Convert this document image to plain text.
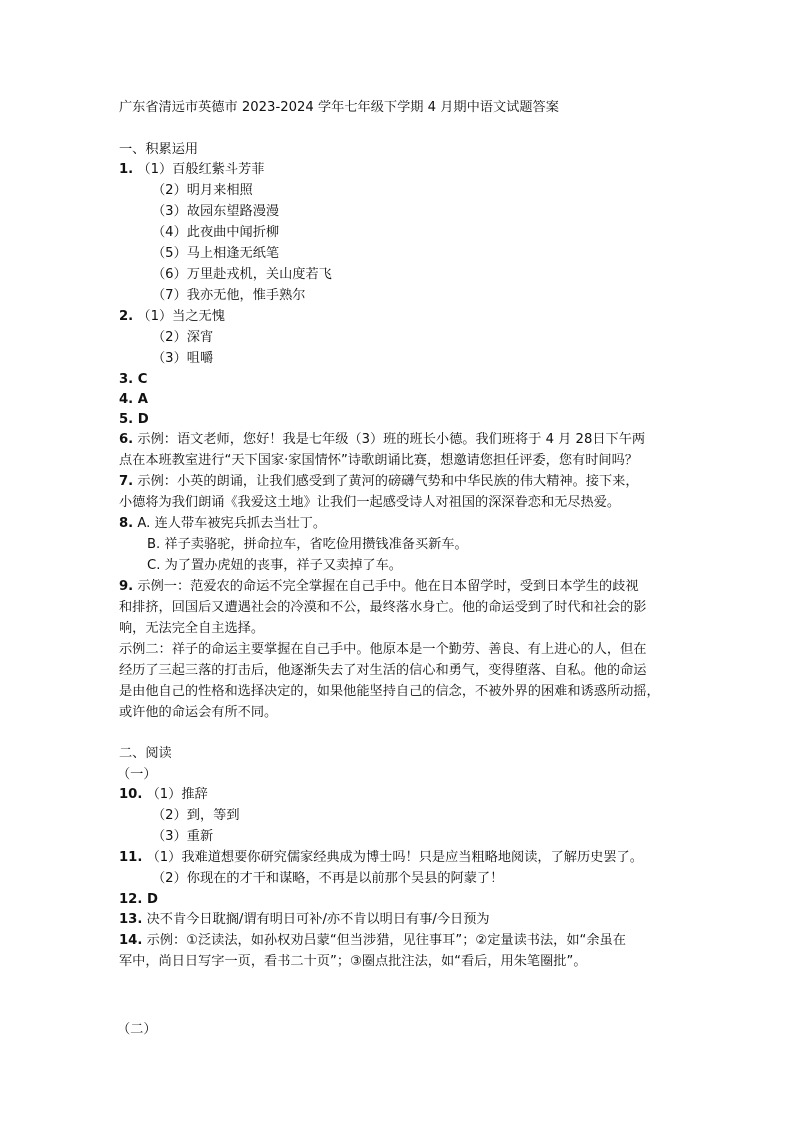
广东省清远市英德市 2023-2024 学年七年级下学期 4 月期中语文试题答案
一、积累运用
1. （1）百般红紫斗芳菲
（2）明月来相照
（3）故园东望路漫漫
（4）此夜曲中闻折柳
（5）马上相逢无纸笔
（6）万里赴戎机，关山度若飞
（7）我亦无他，惟手熟尔
2. （1）当之无愧
（2）深宵
（3）咀嚼
3. C
4. A
5. D
6. 示例：语文老师，您好！我是七年级（3）班的班长小德。我们班将于 4 月 28日下午两
点在本班教室进行“天下国家·家国情怀”诗歌朗诵比赛，想邀请您担任评委，您有时间吗？
7. 示例：小英的朗诵，让我们感受到了黄河的磅礴气势和中华民族的伟大精神。接下来，
小德将为我们朗诵《我爱这土地》让我们一起感受诗人对祖国的深深眷恋和无尽热爱。
8. A. 连人带车被宪兵抓去当壮丁。
B. 祥子卖骆驼，拼命拉车，省吃俭用攒钱准备买新车。
C. 为了置办虎妞的丧事，祥子又卖掉了车。
9. 示例一：范爱农的命运不完全掌握在自己手中。他在日本留学时，受到日本学生的歧视
和排挤，回国后又遭遇社会的冷漠和不公，最终落水身亡。他的命运受到了时代和社会的影
响，无法完全自主选择。
示例二：祥子的命运主要掌握在自己手中。他原本是一个勤劳、善良、有上进心的人，但在
经历了三起三落的打击后，他逐渐失去了对生活的信心和勇气，变得堕落、自私。他的命运
是由他自己的性格和选择决定的，如果他能坚持自己的信念，不被外界的困难和诱惑所动摇，
或许他的命运会有所不同。
二、阅读
（一）
10. （1）推辞
（2）到，等到
（3）重新
11. （1）我难道想要你研究儒家经典成为博士吗！只是应当粗略地阅读，了解历史罢了。
（2）你现在的才干和谋略，不再是以前那个吴县的阿蒙了！
12. D
13. 决不肯今日耽搁/谓有明日可补/亦不肯以明日有事/今日预为
14. 示例：①泛读法，如孙权劝吕蒙“但当涉猎，见往事耳”；②定量读书法，如“余虽在
军中，尚日日写字一页，看书二十页”；③圈点批注法，如“看后，用朱笔圈批”。
（二）
